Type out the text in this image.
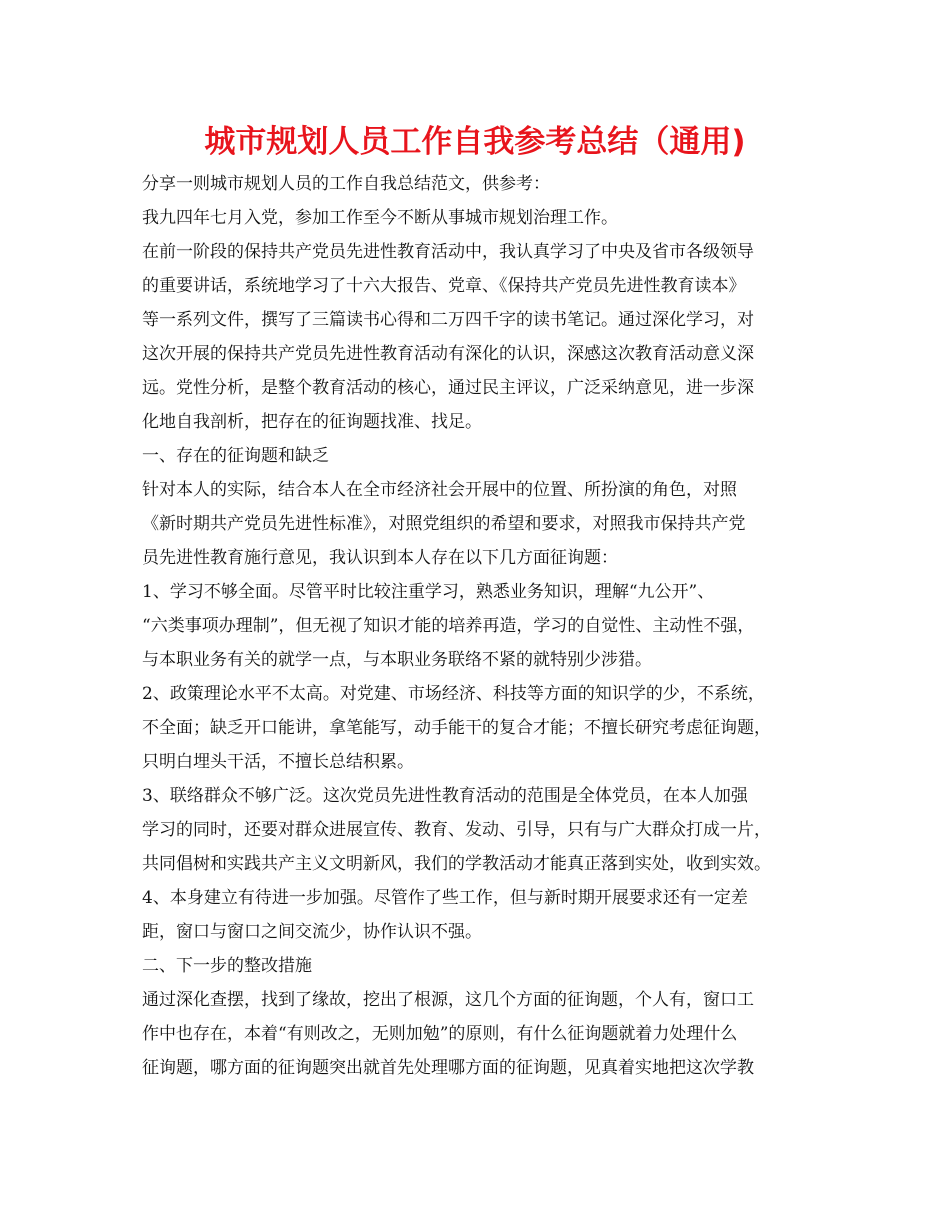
城市规划人员工作自我参考总结（通用)
分享一则城市规划人员的工作自我总结范文，供参考：
我九四年七月入党，参加工作至今不断从事城市规划治理工作。
在前一阶段的保持共产党员先进性教育活动中，我认真学习了中央及省市各级领导
的重要讲话，系统地学习了十六大报告、党章、《保持共产党员先进性教育读本》
等一系列文件，撰写了三篇读书心得和二万四千字的读书笔记。通过深化学习，对
这次开展的保持共产党员先进性教育活动有深化的认识，深感这次教育活动意义深
远。党性分析，是整个教育活动的核心，通过民主评议，广泛采纳意见，进一步深
化地自我剖析，把存在的征询题找准、找足。
一、存在的征询题和缺乏
针对本人的实际，结合本人在全市经济社会开展中的位置、所扮演的角色，对照
《新时期共产党员先进性标准》，对照党组织的希望和要求，对照我市保持共产党
员先进性教育施行意见，我认识到本人存在以下几方面征询题：
1、学习不够全面。尽管平时比较注重学习，熟悉业务知识，理解“九公开”、
“六类事项办理制”，但无视了知识才能的培养再造，学习的自觉性、主动性不强，
与本职业务有关的就学一点，与本职业务联络不紧的就特别少涉猎。
2、政策理论水平不太高。对党建、市场经济、科技等方面的知识学的少，不系统，
不全面；缺乏开口能讲，拿笔能写，动手能干的复合才能；不擅长研究考虑征询题，
只明白埋头干活，不擅长总结积累。
3、联络群众不够广泛。这次党员先进性教育活动的范围是全体党员，在本人加强
学习的同时，还要对群众进展宣传、教育、发动、引导，只有与广大群众打成一片，
共同倡树和实践共产主义文明新风，我们的学教活动才能真正落到实处，收到实效。
4、本身建立有待进一步加强。尽管作了些工作，但与新时期开展要求还有一定差
距，窗口与窗口之间交流少，协作认识不强。
二、下一步的整改措施
通过深化查摆，找到了缘故，挖出了根源，这几个方面的征询题，个人有，窗口工
作中也存在，本着“有则改之，无则加勉”的原则，有什么征询题就着力处理什么
征询题，哪方面的征询题突出就首先处理哪方面的征询题，见真着实地把这次学教
